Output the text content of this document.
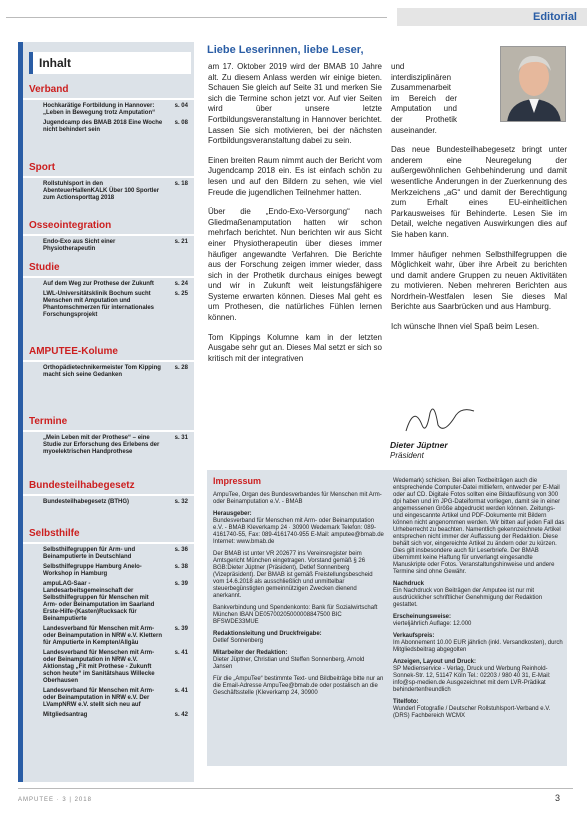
Editorial
Inhalt
Verband
Hochkarätige Fortbildung in Hannover: „Leben in Bewegung trotz Amputation“
s. 04
Jugendcamp des BMAB 2018 Eine Woche nicht behindert sein
s. 08
Sport
Rollstuhlsport in den AbenteuerHallenKALK Über 100 Sportler zum Actionsporttag 2018
s. 18
Osseointegration
Endo-Exo aus Sicht einer Physiotherapeutin
s. 21
Studie
Auf dem Weg zur Prothese der Zukunft	s. 24
LWL-Universitätsklinik Bochum sucht Menschen mit Amputation und Phantomschmerzen für internationales Forschungsprojekt
s. 25
AMPUTEE-Kolume
Orthopädietechnikermeister Tom Kipping macht sich seine Gedanken
s. 28
Termine
„Mein Leben mit der Prothese“ – eine Studie zur Erforschung des Erlebens der myoelektrischen Handprothese
s. 31
Bundesteilhabegesetz
Bundesteilhabegesetz (BTHG)	s. 32
Selbsthilfe
Selbsthilfegruppen für Arm- und Beinamputierte in Deutschland
s. 36
Selbsthilfegruppe Hamburg Anelo-Workshop in Hamburg
s. 38
ampuLAG-Saar - Landesarbeitsgemeinschaft der Selbsthilfegruppen für Menschen mit Arm- oder Beinamputation im Saarland Erste-Hilfe-(Kasten)Rucksack für Beinamputierte
s. 39
Landesverband für Menschen mit Arm- oder Beinamputation in NRW e.V. Klettern für Amputierte in Kempten/Allgäu
s. 39
Landesverband für Menschen mit Arm- oder Beinamputation in NRW e.V. Aktionstag „Fit mit Prothese - Zukunft schon heute“ im Sanitätshaus Willecke Oberhausen
s. 41
Landesverband für Menschen mit Arm- oder Beinamputation in NRW e.V. Der LVampNRW e.V. stellt sich neu auf
s. 41
Mitgliedsantrag	s. 42
Liebe Leserinnen, liebe Leser,

am 17. Oktober 2019 wird der BMAB 10 Jahre alt. Zu diesem Anlass werden wir einige bieten. Schauen Sie gleich auf Seite 31 und merken Sie sich die Termine schon jetzt vor. Auf vier Seiten wird über unsere letzte Fortbildungsveranstaltung in Hannover berichtet. Lassen Sie sich motivieren, bei der nächsten Fortbildungsveranstaltung dabei zu sein.

Einen breiten Raum nimmt auch der Bericht vom Jugendcamp 2018 ein. Es ist einfach schön zu lesen und auf den Bildern zu sehen, wie viel Freude die jugendlichen Teilnehmer hatten.

Über die „Endo-Exo-Versorgung“ nach Gliedmaßenamputation hatten wir schon mehrfach berichtet. Nun berichten wir aus Sicht einer Physiotherapeutin über dieses immer häufiger angewandte Verfahren. Die Berichte aus der Forschung zeigen immer wieder, dass sich in der Prothetik durchaus einiges bewegt und wir in Zukunft weit leistungsfähigere Systeme erwarten können. Dieses Mal geht es um Prothesen, die natürliches Fühlen lernen können.

Tom Kippings Kolumne kam in der letzten Ausgabe sehr gut an. Dieses Mal setzt er sich so kritisch mit der integrativen

und interdisziplinären Zusammenarbeit im Bereich der Amputation und der Prothetik auseinander.

Das neue Bundesteilhabegesetz bringt unter anderem eine Neuregelung der außergewöhnlichen Gehbehinderung und damit wesentliche Änderungen in der Zuerkennung des Merkzeichens „aG“ und damit der Berechtigung zum Erhalt eines EU-einheitlichen Parkausweises für Behinderte. Lesen Sie im Detail, welche negativen Auswirkungen dies auf Sie haben kann.

Immer häufiger nehmen Selbsthilfegruppen die Möglichkeit wahr, über ihre Arbeit zu berichten und damit andere Gruppen zu neuen Aktivitäten zu motivieren. Neben mehreren Berichten aus Nordrhein-Westfalen lesen Sie dieses Mal Berichte aus Saarbrücken und aus Hamburg.

Ich wünsche Ihnen viel Spaß beim Lesen.

Dieter Jüptner
Präsident
Impressum
AmpuTee, Organ des Bundesverbandes für Menschen mit Arm- oder Beinamputation e.V. - BMAB
Herausgeber:
Bundesverband für Menschen mit Arm- oder Beinamputation e.V. - BMAB Kleverkamp 24 · 30900 Wedemark Telefon: 089-4161740-55, Fax: 089-4161740-955 E-Mail: amputee@bmab.de Internet: www.bmab.de
Der BMAB ist unter VR 202677 ins Vereinsregister beim Amtsgericht München eingetragen. Vorstand gemäß § 26 BGB:Dieter Jüptner (Präsident), Detlef Sonnenberg (Vizepräsident). Der BMAB ist gemäß Freistellungsbescheid vom 14.6.2018 als ausschließlich und unmittelbar steuerbegünstigten gemeinnützigen Zwecken dienend anerkannt.
Bankverbindung und Spendenkonto: Bank für Sozialwirtschaft München IBAN DE05700205000008847500 BIC BFSWDE33MUE
Redaktionsleitung und Druckfreigabe:
Detlef Sonnenberg
Mitarbeiter der Redaktion:
Dieter Jüptner, Christian und Steffen Sonnenberg, Arnold Jansen
Für die „AmpuTee“ bestimmte Text- und Bildbeiträge bitte nur an die Email-Adresse AmpuTee@bmab.de oder postalisch an die Geschäftsstelle (Kleverkamp 24, 30900
Wedemark) schicken. Bei allen Textbeiträgen auch die entsprechende Computer-Datei mitliefern, entweder per E-Mail oder auf CD. Digitale Fotos sollten eine Bildauflösung von 300 dpi haben und im JPG-Dateiformat vorliegen, damit sie in einer angemessenen Größe abgedruckt werden können. Zeitungs- und eingescannte Artikel und PDF-Dokumente mit Bildern können nicht angenommen werden. Wir bitten auf jeden Fall das Urheberrecht zu beachten. Namentlich gekennzeichnete Artikel entsprechen nicht immer der Auffassung der Redaktion. Diese behält sich vor, eingereichte Artikel zu ändern oder zu kürzen. Dies gilt insbesondere auch für Leserbriefe. Der BMAB übernimmt keine Haftung für unverlangt eingesandte Manuskripte oder Fotos. Veranstaltungshinweise und andere Termine sind ohne Gewähr.
Nachdruck
Ein Nachdruck von Beiträgen der Amputee ist nur mit ausdrücklicher schriftlicher Genehmigung der Redaktion gestattet.
Erscheinungsweise:
vierteljährlich Auflage: 12.000
Verkaufspreis:
Im Abonnement 10.00 EUR jährlich (inkl. Versandkosten), durch Mitgliedsbeitrag abgegolten
Anzeigen, Layout und Druck:
SP Medienservice - Verlag, Druck und Werbung Reinhold-Sonnek-Str. 12, 51147 Köln Tel.: 02203 / 980 40 31, E-Mail: info@sp-medien.de Ausgezeichnet mit dem LVR-Prädikat behindertenfreundlich
Titelfoto:
Wunderl Fotografie / Deutscher Rollstuhlsport-Verband e.V. (DRS) Fachbereich WCMX
AMPUTEE · 3 | 2018	3
